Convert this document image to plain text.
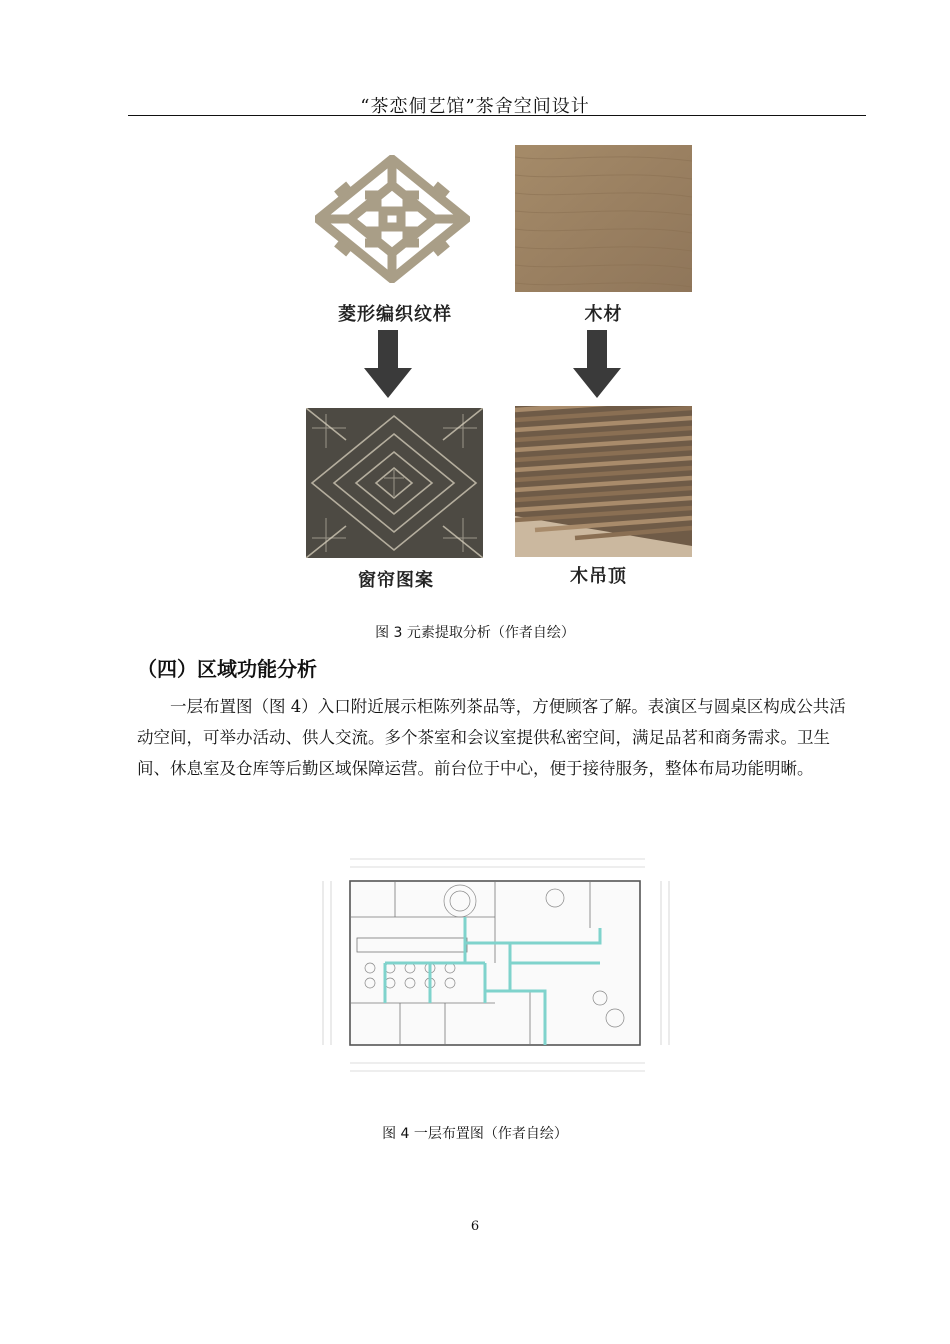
“茶恋侗艺馆”茶舍空间设计
菱形编织纹样	木材
窗帘图案	木吊顶
图 3 元素提取分析（作者自绘）
（四）区域功能分析

一层布置图（图 4）入口附近展示柜陈列茶品等，方便顾客了解。表演区与圆桌区构成公共活动空间，可举办活动、供人交流。多个茶室和会议室提供私密空间，满足品茗和商务需求。卫生间、休息室及仓库等后勤区域保障运营。前台位于中心，便于接待服务，整体布局功能明晰。

图 4 一层布置图（作者自绘）
6
